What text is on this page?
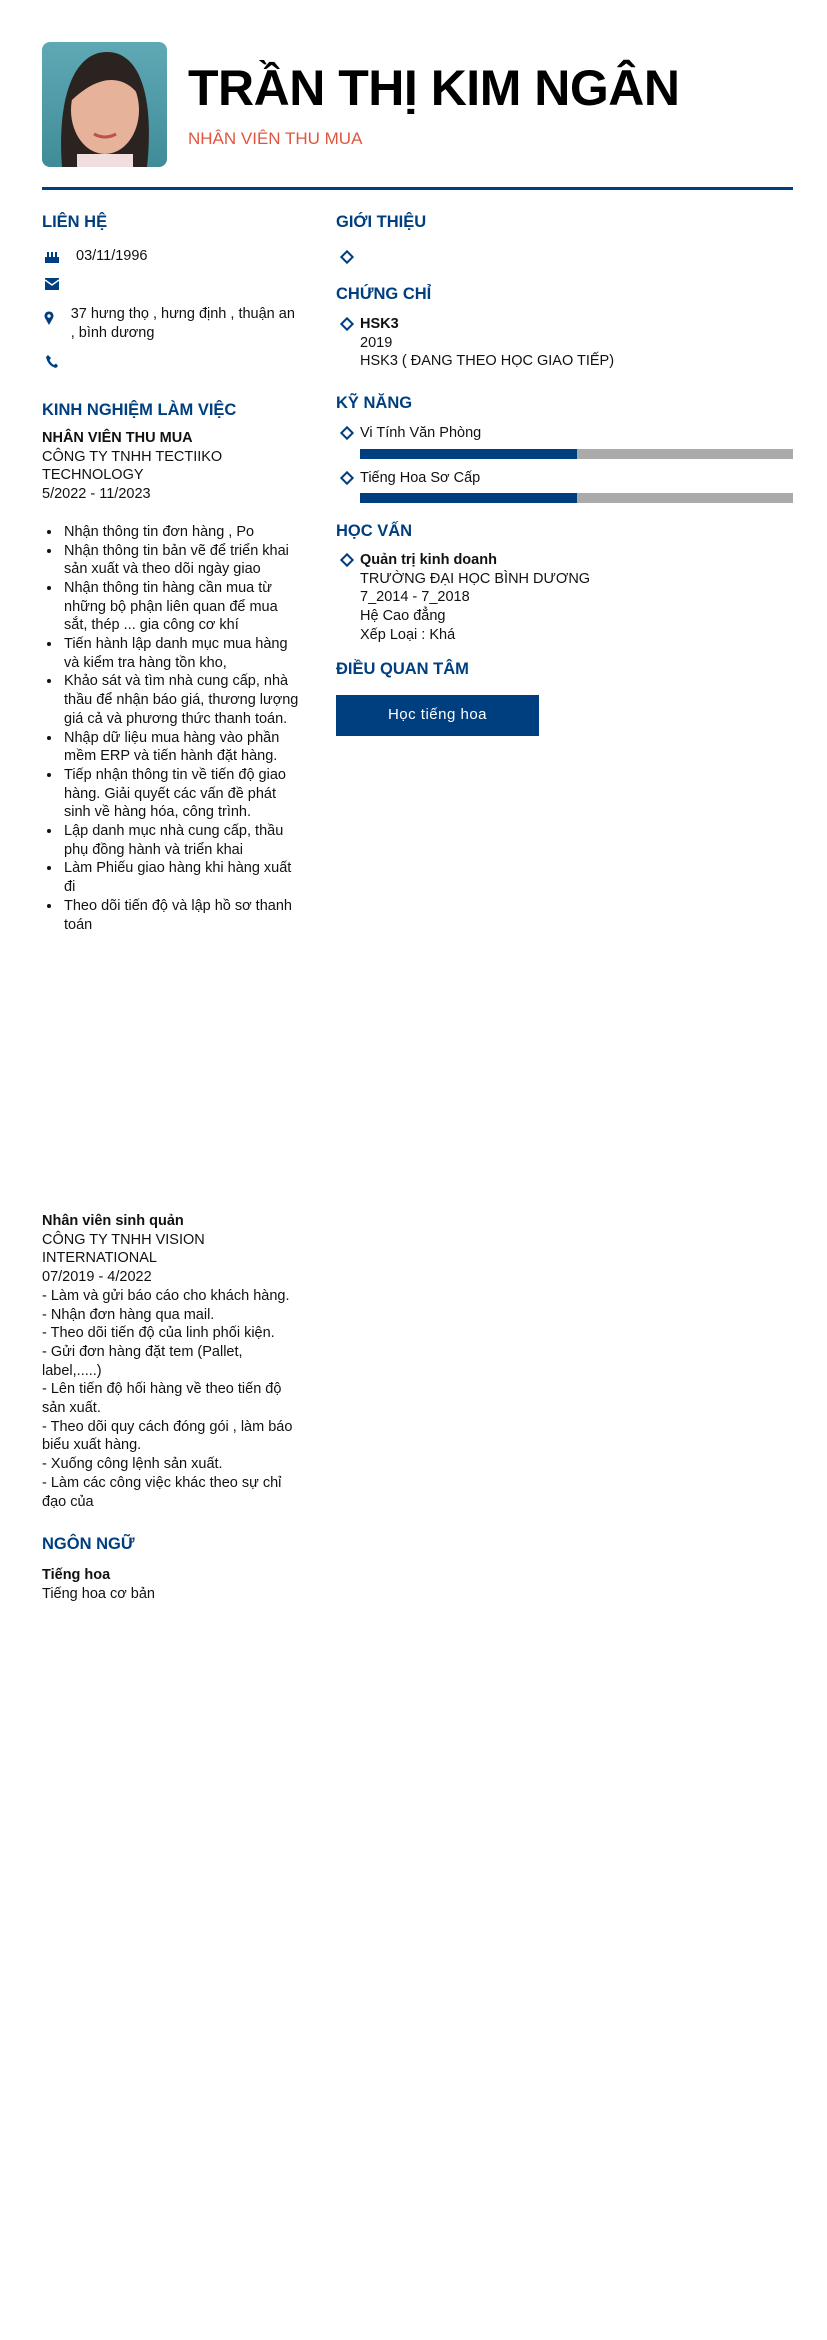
TRẦN THỊ KIM NGÂN
NHÂN VIÊN THU MUA
LIÊN HỆ
03/11/1996
37 hưng thọ , hưng định , thuận an , bình dương
KINH NGHIỆM LÀM VIỆC
NHÂN VIÊN THU MUA
CÔNG TY TNHH TECTIIKO TECHNOLOGY
5/2022 - 11/2023
• Nhận thông tin đơn hàng , Po
• Nhận thông tin bản vẽ để triển khai sản xuất và theo dõi ngày giao
• Nhận thông tin hàng cần mua từ những bộ phận liên quan để mua sắt, thép ... gia công cơ khí
• Tiến hành lập danh mục mua hàng và kiểm tra hàng tồn kho,
• Khảo sát và tìm nhà cung cấp, nhà thầu để nhận báo giá, thương lượng giá cả và phương thức thanh toán.
• Nhập dữ liệu mua hàng vào phần mềm ERP và tiến hành đặt hàng.
• Tiếp nhận thông tin về tiến độ giao hàng. Giải quyết các vấn đề phát sinh về hàng hóa, công trình.
• Lập danh mục nhà cung cấp, thầu phụ đồng hành và triển khai
• Làm Phiếu giao hàng khi hàng xuất đi
• Theo dõi tiến độ và lập hồ sơ thanh toán
Nhân viên sinh quản
CÔNG TY TNHH VISION INTERNATIONAL
07/2019 - 4/2022
- Làm và gửi báo cáo cho khách hàng.
- Nhận đơn hàng qua mail.
- Theo dõi tiến độ của linh phối kiện.
- Gửi đơn hàng đặt tem (Pallet, label,.....)
- Lên tiến độ hối hàng về theo tiến độ sản xuất.
- Theo dõi quy cách đóng gói , làm báo biểu xuất hàng.
- Xuống công lệnh sản xuất.
- Làm các công việc khác theo sự chỉ đạo của
NGÔN NGỮ
Tiếng hoa
Tiếng hoa cơ bản
GIỚI THIỆU
CHỨNG CHỈ
HSK3
2019
HSK3 ( ĐANG THEO HỌC GIAO TIẾP)
KỸ NĂNG
Vi Tính Văn Phòng
Tiếng Hoa Sơ Cấp
HỌC VẤN
Quản trị kinh doanh
TRƯỜNG ĐẠI HỌC BÌNH DƯƠNG
7_2014 - 7_2018
Hệ Cao đẳng
Xếp Loại : Khá
ĐIỀU QUAN TÂM
Học tiếng hoa
